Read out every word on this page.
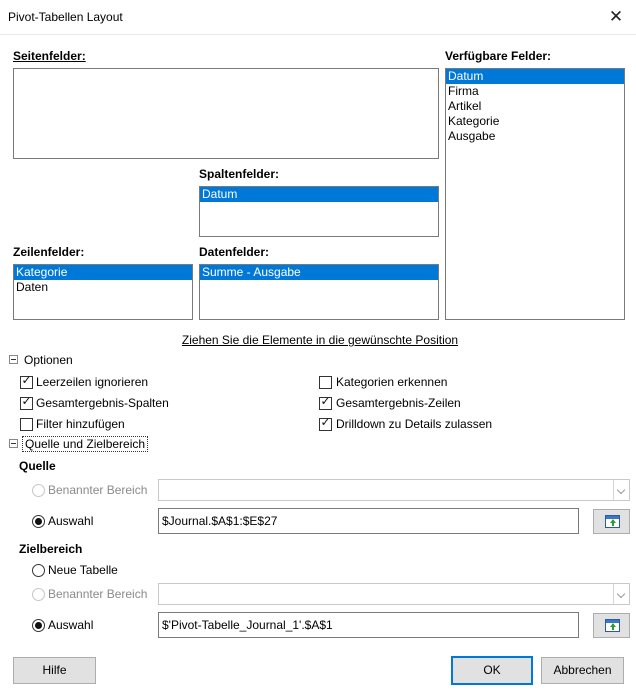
Pivot-Tabellen Layout	✕
Seitenfelder:	Verfügbare Felder:
Datum
Firma
Artikel
Kategorie
Ausgabe
Spaltenfelder:
Datum
Zeilenfelder:
Kategorie
Daten
Datenfelder:
Summe - Ausgabe
Ziehen Sie die Elemente in die gewünschte Position
Optionen
✓ Leerzeilen ignorieren	Kategorien erkennen
✓ Gesamtergebnis-Spalten	✓ Gesamtergebnis-Zeilen
Filter hinzufügen	✓ Drilldown zu Details zulassen
Quelle und Zielbereich
Quelle
Benannter Bereich
Auswahl	$Journal.$A$1:$E$27
Zielbereich
Neue Tabelle
Benannter Bereich
Auswahl	$'Pivot-Tabelle_Journal_1'.$A$1
Hilfe	OK	Abbrechen
